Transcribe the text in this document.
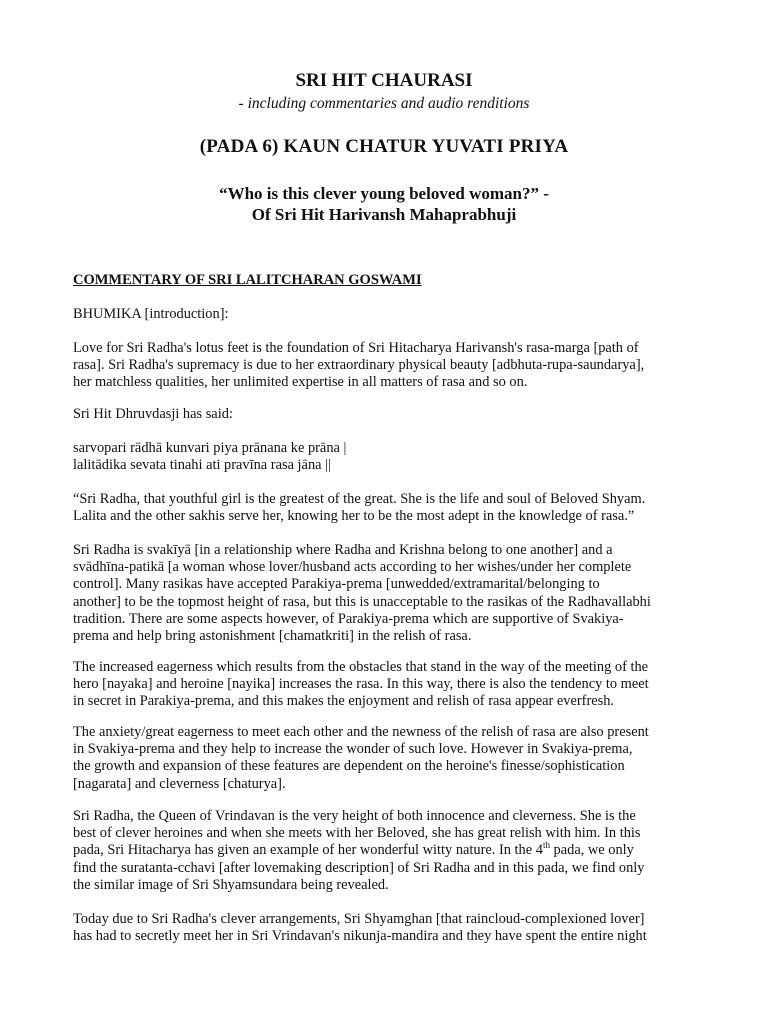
SRI HIT CHAURASI
- including commentaries and audio renditions
(PADA 6) KAUN CHATUR YUVATI PRIYA
“Who is this clever young beloved woman?” -
Of Sri Hit Harivansh Mahaprabhuji
COMMENTARY OF SRI LALITCHARAN GOSWAMI
BHUMIKA [introduction]:
Love for Sri Radha's lotus feet is the foundation of Sri Hitacharya Harivansh's rasa-marga [path of
rasa]. Sri Radha's supremacy is due to her extraordinary physical beauty [adbhuta-rupa-saundarya],
her matchless qualities, her unlimited expertise in all matters of rasa and so on.
Sri Hit Dhruvdasji has said:
sarvopari rādhā kunvari piya prānana ke prāna |
lalitādika sevata tinahi ati pravīna rasa jāna ||
“Sri Radha, that youthful girl is the greatest of the great. She is the life and soul of Beloved Shyam.
Lalita and the other sakhis serve her, knowing her to be the most adept in the knowledge of rasa.”
Sri Radha is svakīyā [in a relationship where Radha and Krishna belong to one another] and a
svādhīna-patikā [a woman whose lover/husband acts according to her wishes/under her complete
control]. Many rasikas have accepted Parakiya-prema [unwedded/extramarital/belonging to
another] to be the topmost height of rasa, but this is unacceptable to the rasikas of the Radhavallabhi
tradition. There are some aspects however, of Parakiya-prema which are supportive of Svakiya-
prema and help bring astonishment [chamatkriti] in the relish of rasa.
The increased eagerness which results from the obstacles that stand in the way of the meeting of the
hero [nayaka] and heroine [nayika] increases the rasa. In this way, there is also the tendency to meet
in secret in Parakiya-prema, and this makes the enjoyment and relish of rasa appear everfresh.
The anxiety/great eagerness to meet each other and the newness of the relish of rasa are also present
in Svakiya-prema and they help to increase the wonder of such love. However in Svakiya-prema,
the growth and expansion of these features are dependent on the heroine's finesse/sophistication
[nagarata] and cleverness [chaturya].
Sri Radha, the Queen of Vrindavan is the very height of both innocence and cleverness. She is the
best of clever heroines and when she meets with her Beloved, she has great relish with him. In this
pada, Sri Hitacharya has given an example of her wonderful witty nature. In the 4th pada, we only
find the suratanta-cchavi [after lovemaking description] of Sri Radha and in this pada, we find only
the similar image of Sri Shyamsundara being revealed.
Today due to Sri Radha's clever arrangements, Sri Shyamghan [that raincloud-complexioned lover]
has had to secretly meet her in Sri Vrindavan's nikunja-mandira and they have spent the entire night
